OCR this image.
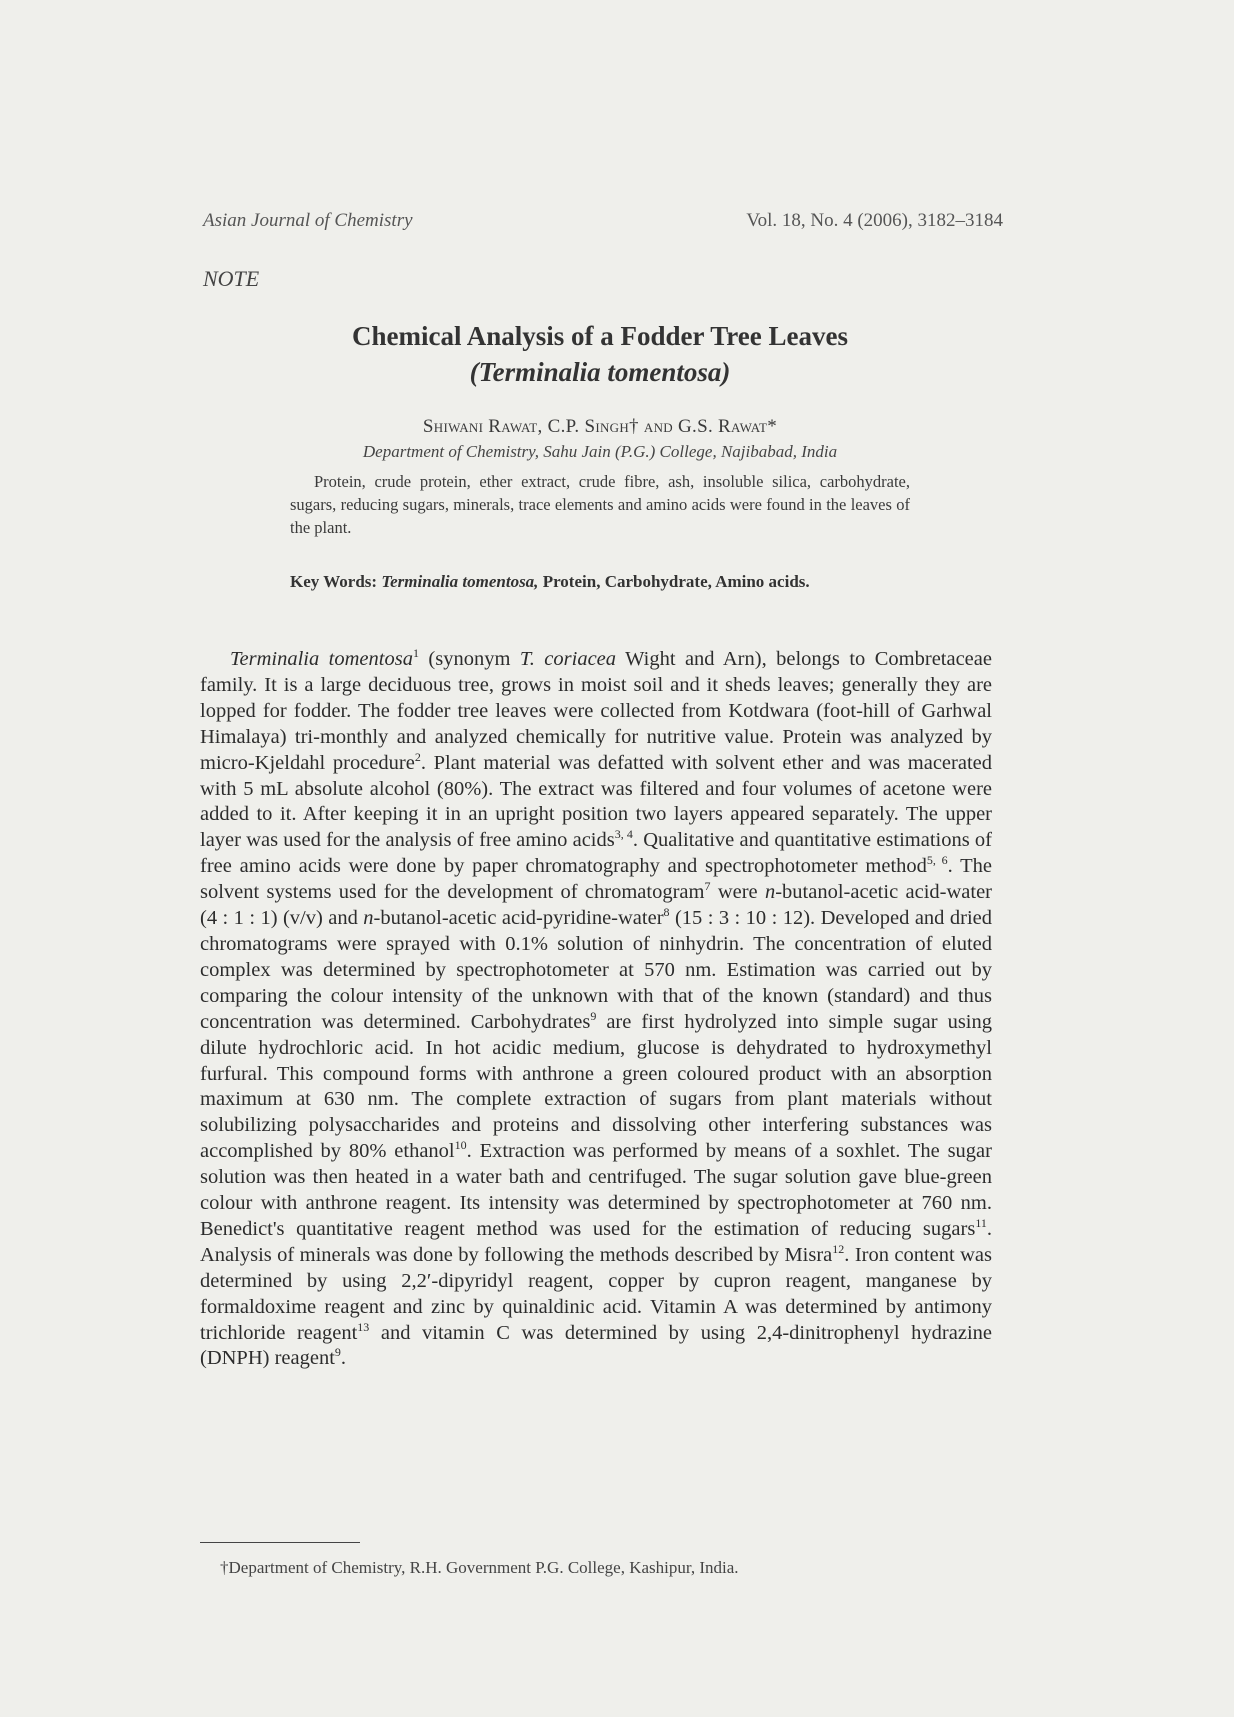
Asian Journal of Chemistry	Vol. 18, No. 4 (2006), 3182–3184
NOTE
Chemical Analysis of a Fodder Tree Leaves
(Terminalia tomentosa)
Shiwani Rawat, C.P. Singh† and G.S. Rawat*
Department of Chemistry, Sahu Jain (P.G.) College, Najibabad, India
Protein, crude protein, ether extract, crude fibre, ash, insoluble silica, carbohydrate, sugars, reducing sugars, minerals, trace elements and amino acids were found in the leaves of the plant.
Key Words: Terminalia tomentosa, Protein, Carbohydrate, Amino acids.

Terminalia tomentosa$^1$ (synonym T. coriacea Wight and Arn), belongs to Combretaceae family. It is a large deciduous tree, grows in moist soil and it sheds leaves; generally they are lopped for fodder. The fodder tree leaves were collected from Kotdwara (foot-hill of Garhwal Himalaya) tri-monthly and analyzed chemically for nutritive value. Protein was analyzed by micro-Kjeldahl procedure$^2$. Plant material was defatted with solvent ether and was macerated with 5 mL absolute alcohol (80%). The extract was filtered and four volumes of acetone were added to it. After keeping it in an upright position two layers appeared separately. The upper layer was used for the analysis of free amino acids$^{3, 4}$. Qualitative and quantitative estimations of free amino acids were done by paper chromatography and spectrophotometer method$^{5, 6}$. The solvent systems used for the development of chromatogram$^7$ were n-butanol-acetic acid-water (4 : 1 : 1) (v/v) and n-butanol-acetic acid-pyridine-water$^8$ (15 : 3 : 10 : 12). Developed and dried chromatograms were sprayed with 0.1% solution of ninhydrin. The concentration of eluted complex was determined by spectrophotometer at 570 nm. Estimation was carried out by comparing the colour intensity of the unknown with that of the known (standard) and thus concentration was determined. Carbohydrates$^9$ are first hydrolyzed into simple sugar using dilute hydrochloric acid. In hot acidic medium, glucose is dehydrated to hydroxymethyl furfural. This compound forms with anthrone a green coloured product with an absorption maximum at 630 nm. The complete extraction of sugars from plant materials without solubilizing polysaccharides and proteins and dissolving other interfering substances was accomplished by 80% ethanol$^{10}$. Extraction was performed by means of a soxhlet. The sugar solution was then heated in a water bath and centrifuged. The sugar solution gave blue-green colour with anthrone reagent. Its intensity was determined by spectrophotometer at 760 nm. Benedict's quantitative reagent method was used for the estimation of reducing sugars$^{11}$. Analysis of minerals was done by following the methods described by Misra$^{12}$. Iron content was determined by using 2,2′-dipyridyl reagent, copper by cupron reagent, manganese by formaldoxime reagent and zinc by quinaldinic acid. Vitamin A was determined by antimony trichloride reagent$^{13}$ and vitamin C was determined by using 2,4-dinitrophenyl hydrazine (DNPH) reagent$^9$.

†Department of Chemistry, R.H. Government P.G. College, Kashipur, India.
